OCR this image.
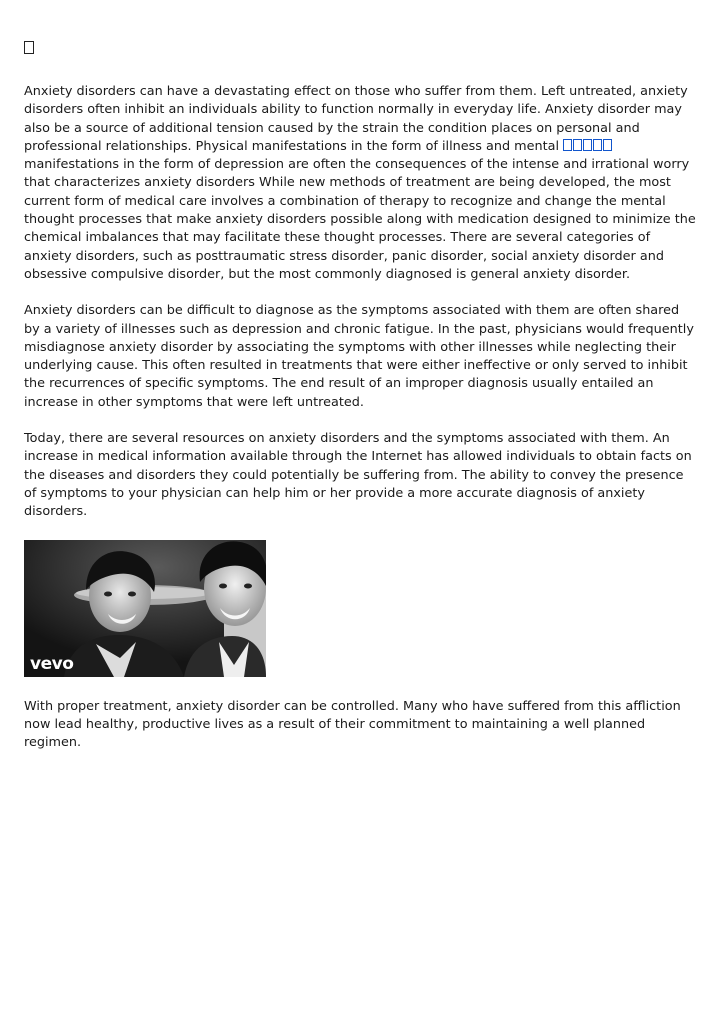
Anxiety disorders can have a devastating effect on those who suffer from them. Left untreated, anxiety disorders often inhibit an individuals ability to function normally in everyday life. Anxiety disorder may also be a source of additional tension caused by the strain the condition places on personal and professional relationships. Physical manifestations in the form of illness and mental  manifestations in the form of depression are often the consequences of the intense and irrational worry that characterizes anxiety disorders While new methods of treatment are being developed, the most current form of medical care involves a combination of therapy to recognize and change the mental thought processes that make anxiety disorders possible along with medication designed to minimize the chemical imbalances that may facilitate these thought processes. There are several categories of anxiety disorders, such as posttraumatic stress disorder, panic disorder, social anxiety disorder and obsessive compulsive disorder, but the most commonly diagnosed is general anxiety disorder.

Anxiety disorders can be difficult to diagnose as the symptoms associated with them are often shared by a variety of illnesses such as depression and chronic fatigue. In the past, physicians would frequently misdiagnose anxiety disorder by associating the symptoms with other illnesses while neglecting their underlying cause. This often resulted in treatments that were either ineffective or only served to inhibit the recurrences of specific symptoms. The end result of an improper diagnosis usually entailed an increase in other symptoms that were left untreated.

Today, there are several resources on anxiety disorders and the symptoms associated with them. An increase in medical information available through the Internet has allowed individuals to obtain facts on the diseases and disorders they could potentially be suffering from. The ability to convey the presence of symptoms to your physician can help him or her provide a more accurate diagnosis of anxiety disorders.

vevo

With proper treatment, anxiety disorder can be controlled. Many who have suffered from this affliction now lead healthy, productive lives as a result of their commitment to maintaining a well planned regimen.
